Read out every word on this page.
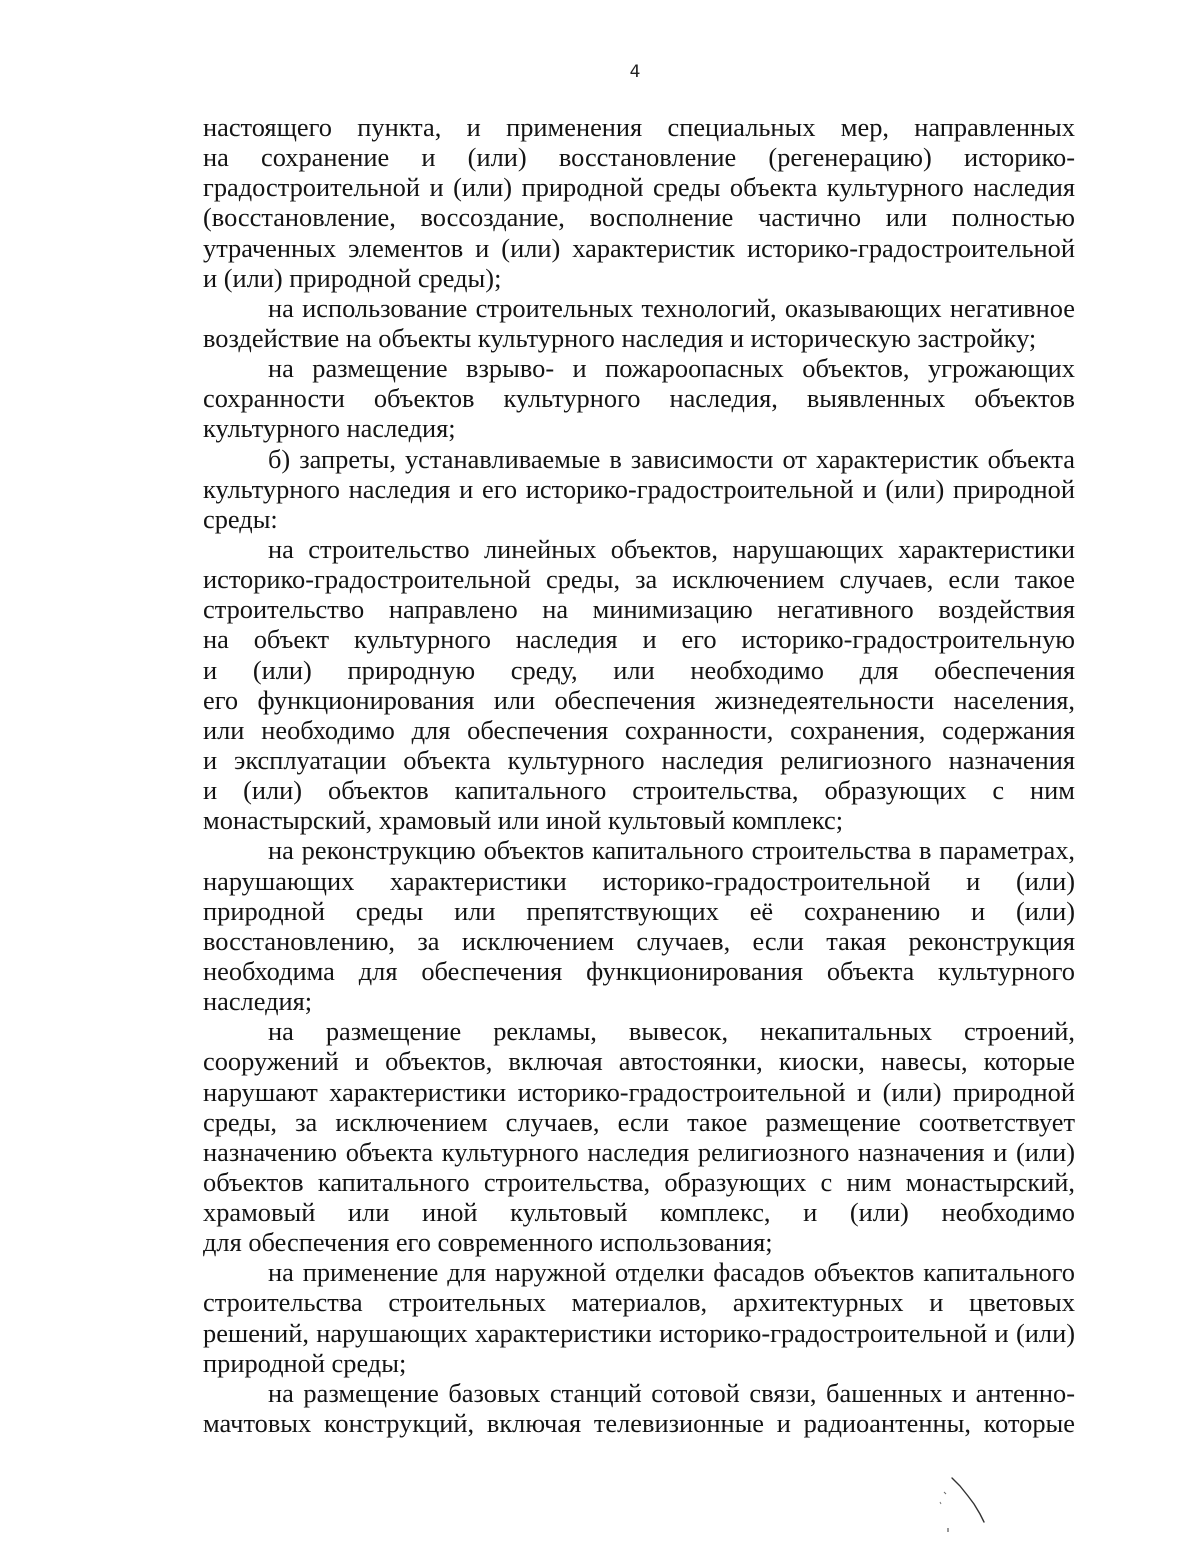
4
настоящего пункта, и применения специальных мер, направленных
на сохранение и (или) восстановление (регенерацию) историко-
градостроительной и (или) природной среды объекта культурного наследия
(восстановление, воссоздание, восполнение частично или полностью
утраченных элементов и (или) характеристик историко-градостроительной
и (или) природной среды);
на использование строительных технологий, оказывающих негативное
воздействие на объекты культурного наследия и историческую застройку;
на размещение взрыво- и пожароопасных объектов, угрожающих
сохранности объектов культурного наследия, выявленных объектов
культурного наследия;
б) запреты, устанавливаемые в зависимости от характеристик объекта
культурного наследия и его историко-градостроительной и (или) природной
среды:
на строительство линейных объектов, нарушающих характеристики
историко-градостроительной среды, за исключением случаев, если такое
строительство направлено на минимизацию негативного воздействия
на объект культурного наследия и его историко-градостроительную
и (или) природную среду, или необходимо для обеспечения
его функционирования или обеспечения жизнедеятельности населения,
или необходимо для обеспечения сохранности, сохранения, содержания
и эксплуатации объекта культурного наследия религиозного назначения
и (или) объектов капитального строительства, образующих с ним
монастырский, храмовый или иной культовый комплекс;
на реконструкцию объектов капитального строительства в параметрах,
нарушающих характеристики историко-градостроительной и (или)
природной среды или препятствующих её сохранению и (или)
восстановлению, за исключением случаев, если такая реконструкция
необходима для обеспечения функционирования объекта культурного
наследия;
на размещение рекламы, вывесок, некапитальных строений,
сооружений и объектов, включая автостоянки, киоски, навесы, которые
нарушают характеристики историко-градостроительной и (или) природной
среды, за исключением случаев, если такое размещение соответствует
назначению объекта культурного наследия религиозного назначения и (или)
объектов капитального строительства, образующих с ним монастырский,
храмовый или иной культовый комплекс, и (или) необходимо
для обеспечения его современного использования;
на применение для наружной отделки фасадов объектов капитального
строительства строительных материалов, архитектурных и цветовых
решений, нарушающих характеристики историко-градостроительной и (или)
природной среды;
на размещение базовых станций сотовой связи, башенных и антенно-
мачтовых конструкций, включая телевизионные и радиоантенны, которые
